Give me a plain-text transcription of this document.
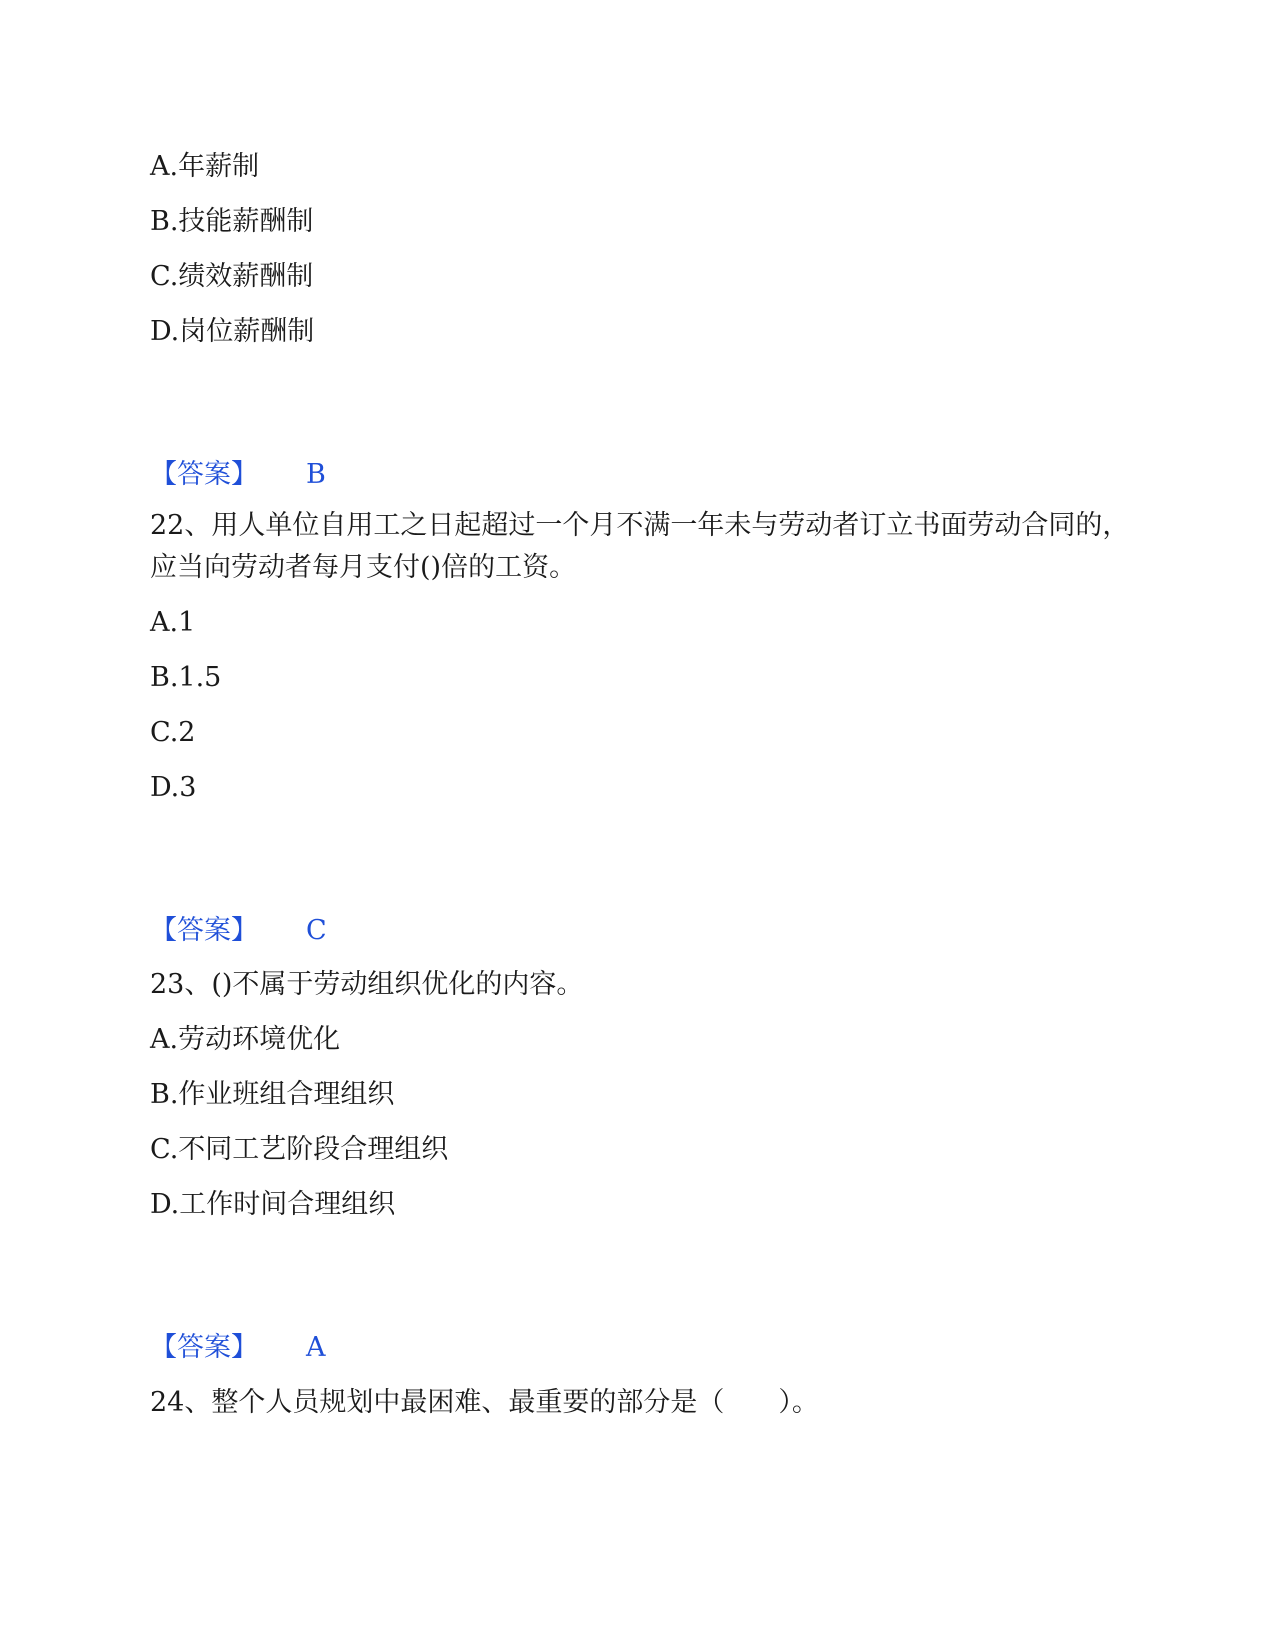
A.年薪制
B.技能薪酬制
C.绩效薪酬制
D.岗位薪酬制
【答案】 B
22、用人单位自用工之日起超过一个月不满一年未与劳动者订立书面劳动合同的，应当向劳动者每月支付()倍的工资。
A.1
B.1.5
C.2
D.3
【答案】 C
23、()不属于劳动组织优化的内容。
A.劳动环境优化
B.作业班组合理组织
C.不同工艺阶段合理组织
D.工作时间合理组织
【答案】 A
24、整个人员规划中最困难、最重要的部分是（　　）。
